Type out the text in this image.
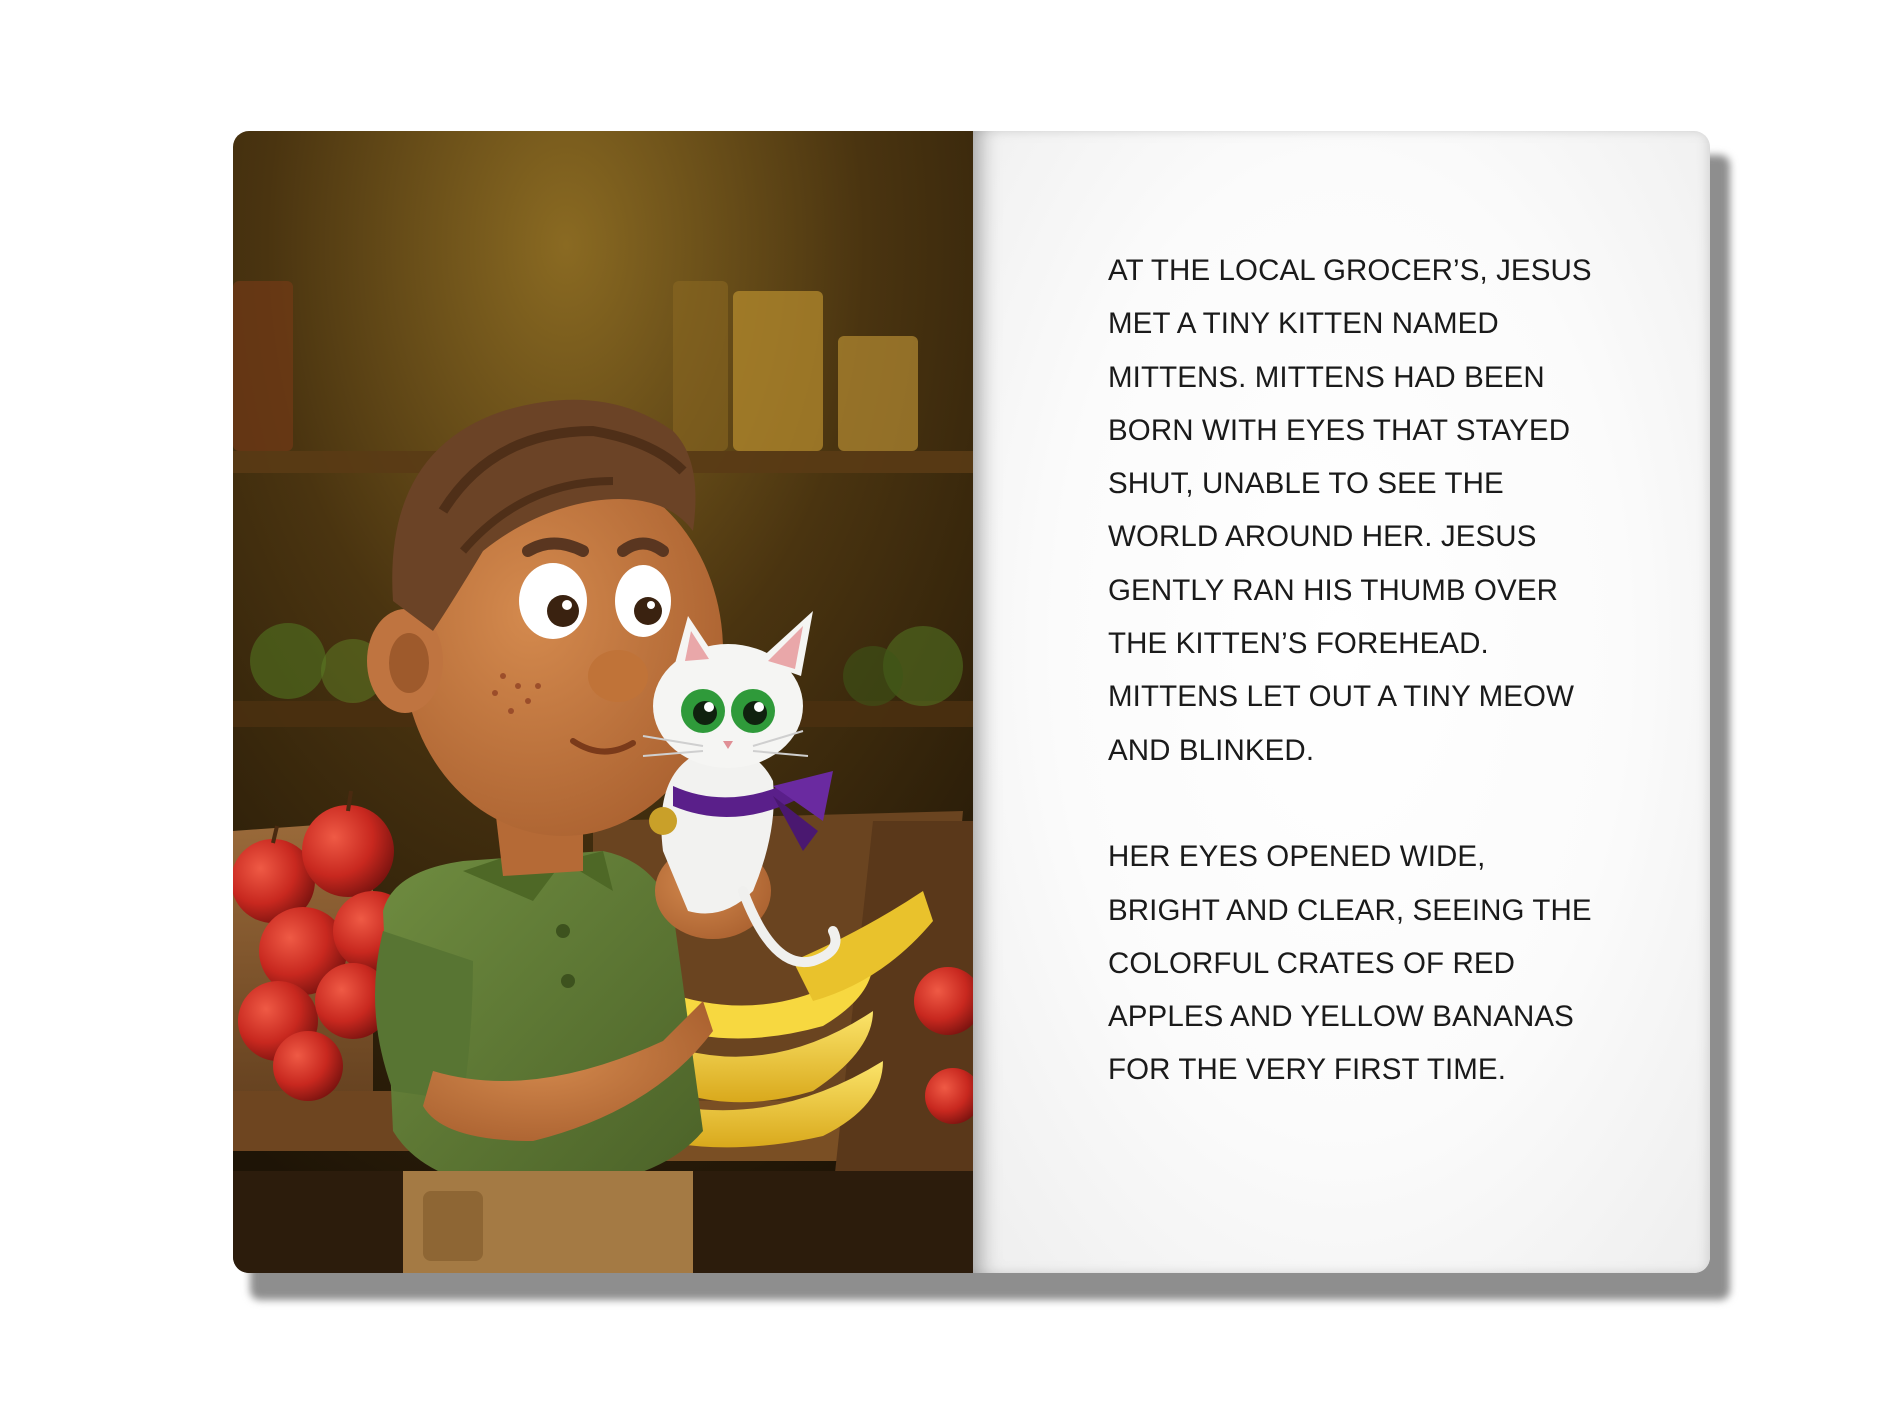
AT THE LOCAL GROCER’S, JESUS
MET A TINY KITTEN NAMED
MITTENS. MITTENS HAD BEEN
BORN WITH EYES THAT STAYED
SHUT, UNABLE TO SEE THE
WORLD AROUND HER. JESUS
GENTLY RAN HIS THUMB OVER
THE KITTEN’S FOREHEAD.
MITTENS LET OUT A TINY MEOW
AND BLINKED.

HER EYES OPENED WIDE,
BRIGHT AND CLEAR, SEEING THE
COLORFUL CRATES OF RED
APPLES AND YELLOW BANANAS
FOR THE VERY FIRST TIME.
